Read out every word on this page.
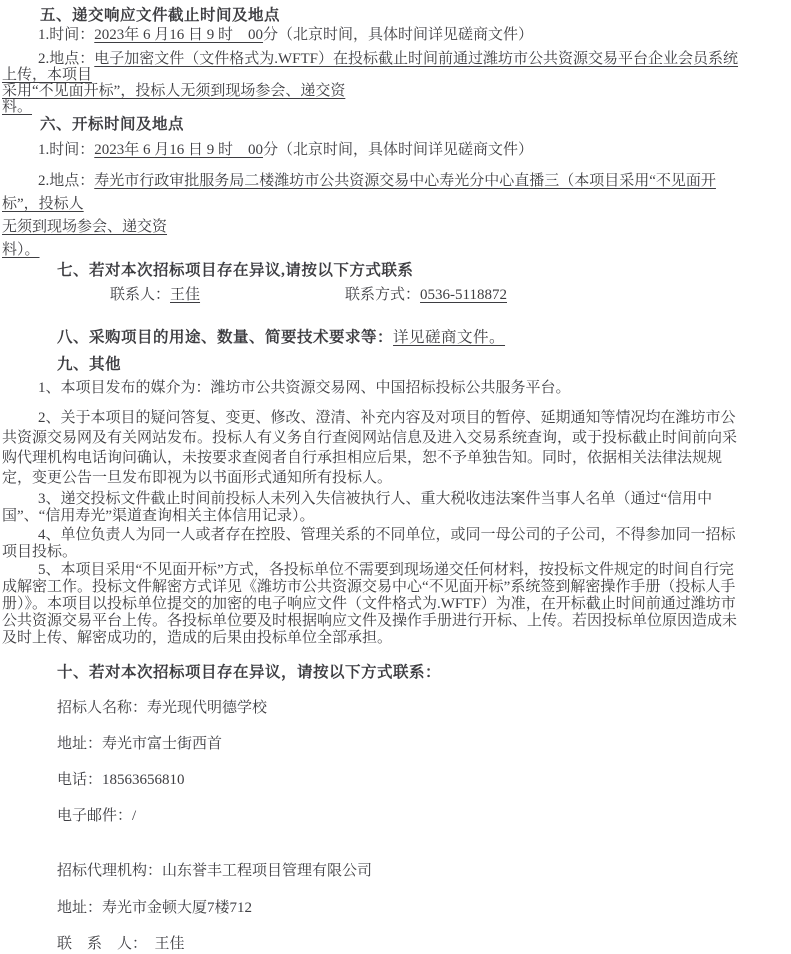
五、递交响应文件截止时间及地点

1.时间：2023年 6 月16 日 9 时　00分（北京时间，具体时间详见磋商文件）

2.地点：电子加密文件（文件格式为.WFTF）在投标截止时间前通过潍坊市公共资源交易平台企业会员系统上传，本项目
采用“不见面开标”，投标人无须到现场参会、递交资
料。

六、开标时间及地点

1.时间：2023年 6 月16 日 9 时　00分（北京时间，具体时间详见磋商文件）

2.地点：寿光市行政审批服务局二楼潍坊市公共资源交易中心寿光分中心直播三（本项目采用“不见面开标”，投标人
无须到现场参会、递交资
料）。

七、若对本次招标项目存在异议,请按以下方式联系

联系人：王佳	联系方式：0536-5118872

八、采购项目的用途、数量、简要技术要求等：详见磋商文件。
九、其他

1、本项目发布的媒介为：潍坊市公共资源交易网、中国招标投标公共服务平台。

2、关于本项目的疑问答复、变更、修改、澄清、补充内容及对项目的暂停、延期通知等情况均在潍坊市公共资源交易网及有关网站发布。投标人有义务自行查阅网站信息及进入交易系统查询，或于投标截止时间前向采购代理机构电话询问确认，未按要求查阅者自行承担相应后果，恕不予单独告知。同时，依据相关法律法规规定，变更公告一旦发布即视为以书面形式通知所有投标人。

3、递交投标文件截止时间前投标人未列入失信被执行人、重大税收违法案件当事人名单（通过“信用中国”、“信用寿光”渠道查询相关主体信用记录）。

4、单位负责人为同一人或者存在控股、管理关系的不同单位，或同一母公司的子公司，不得参加同一招标项目投标。

5、本项目采用“不见面开标”方式，各投标单位不需要到现场递交任何材料，按投标文件规定的时间自行完成解密工作。投标文件解密方式详见《潍坊市公共资源交易中心“不见面开标”系统签到解密操作手册（投标人手册）》。本项目以投标单位提交的加密的电子响应文件（文件格式为.WFTF）为准，在开标截止时间前通过潍坊市公共资源交易平台上传。各投标单位要及时根据响应文件及操作手册进行开标、上传。若因投标单位原因造成未及时上传、解密成功的，造成的后果由投标单位全部承担。

十、若对本次招标项目存在异议，请按以下方式联系：

招标人名称：寿光现代明德学校

地址：寿光市富士街西首

电话：18563656810

电子邮件：/

招标代理机构：山东誉丰工程项目管理有限公司

地址：寿光市金顿大厦7楼712

联　系　人：　王佳
